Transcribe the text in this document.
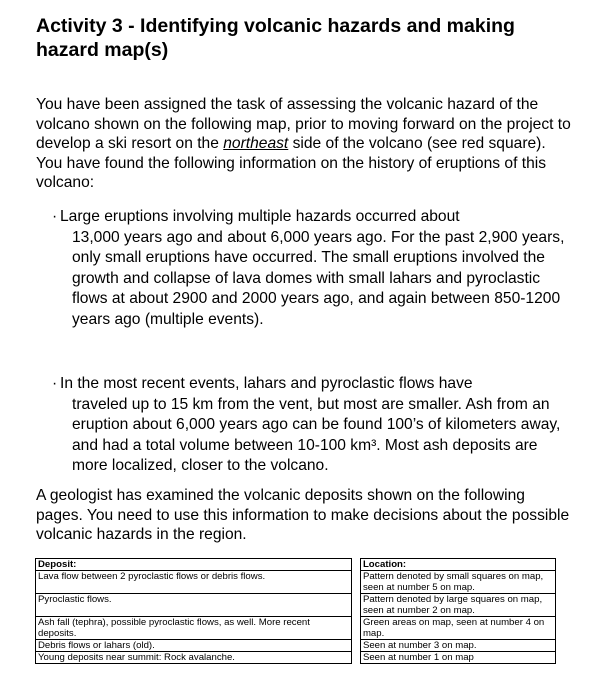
Activity 3 - Identifying volcanic hazards and making hazard map(s)

You have been assigned the task of assessing the volcanic hazard of the volcano shown on the following map, prior to moving forward on the project to develop a ski resort on the northeast side of the volcano (see red square). You have found the following information on the history of eruptions of this volcano:

· Large eruptions involving multiple hazards occurred about
13,000 years ago and about 6,000 years ago. For the past 2,900 years, only small eruptions have occurred. The small eruptions involved the growth and collapse of lava domes with small lahars and pyroclastic flows at about 2900 and 2000 years ago, and again between 850-1200 years ago (multiple events).

· In the most recent events, lahars and pyroclastic flows have
traveled up to 15 km from the vent, but most are smaller. Ash from an eruption about 6,000 years ago can be found 100’s of kilometers away, and had a total volume between 10-100 km³. Most ash deposits are more localized, closer to the volcano.

A geologist has examined the volcanic deposits shown on the following pages. You need to use this information to make decisions about the possible volcanic hazards in the region.

Deposit:		Location:
Lava flow between 2 pyroclastic flows or debris flows.		Pattern denoted by small squares on map, seen at number 5 on map.
Pyroclastic flows.		Pattern denoted by large squares on map, seen at number 2 on map.
Ash fall (tephra), possible pyroclastic flows, as well. More recent deposits.		Green areas on map, seen at number 4 on map.
Debris flows or lahars (old).		Seen at number 3 on map.
Young deposits near summit: Rock avalanche.		Seen at number 1 on map
